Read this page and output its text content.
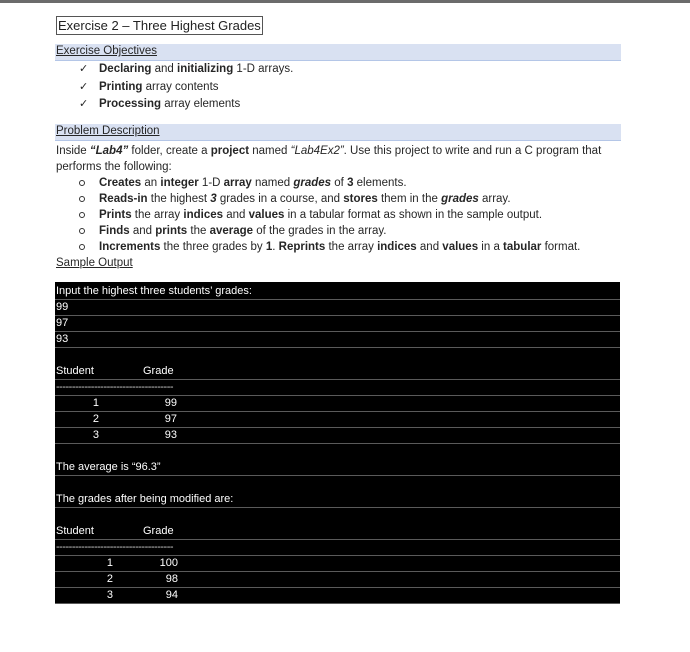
Exercise 2 – Three Highest Grades
Exercise Objectives
✓ Declaring and initializing 1-D arrays.
✓ Printing array contents
✓ Processing array elements
Problem Description
Inside “Lab4” folder, create a project named “Lab4Ex2”. Use this project to write and run a C program that performs the following:
Creates an integer 1-D array named grades of 3 elements.
Reads-in the highest 3 grades in a course, and stores them in the grades array.
Prints the array indices and values in a tabular format as shown in the sample output.
Finds and prints the average of the grades in the array.
Increments the three grades by 1. Reprints the array indices and values in a tabular format.
Sample Output
Input the highest three students’ grades:
99
97
93
Student	Grade
-------------------------------------
1	99
2	97
3	93
The average is “96.3”
The grades after being modified are:
Student	Grade
-------------------------------------
1	100
2	98
3	94
